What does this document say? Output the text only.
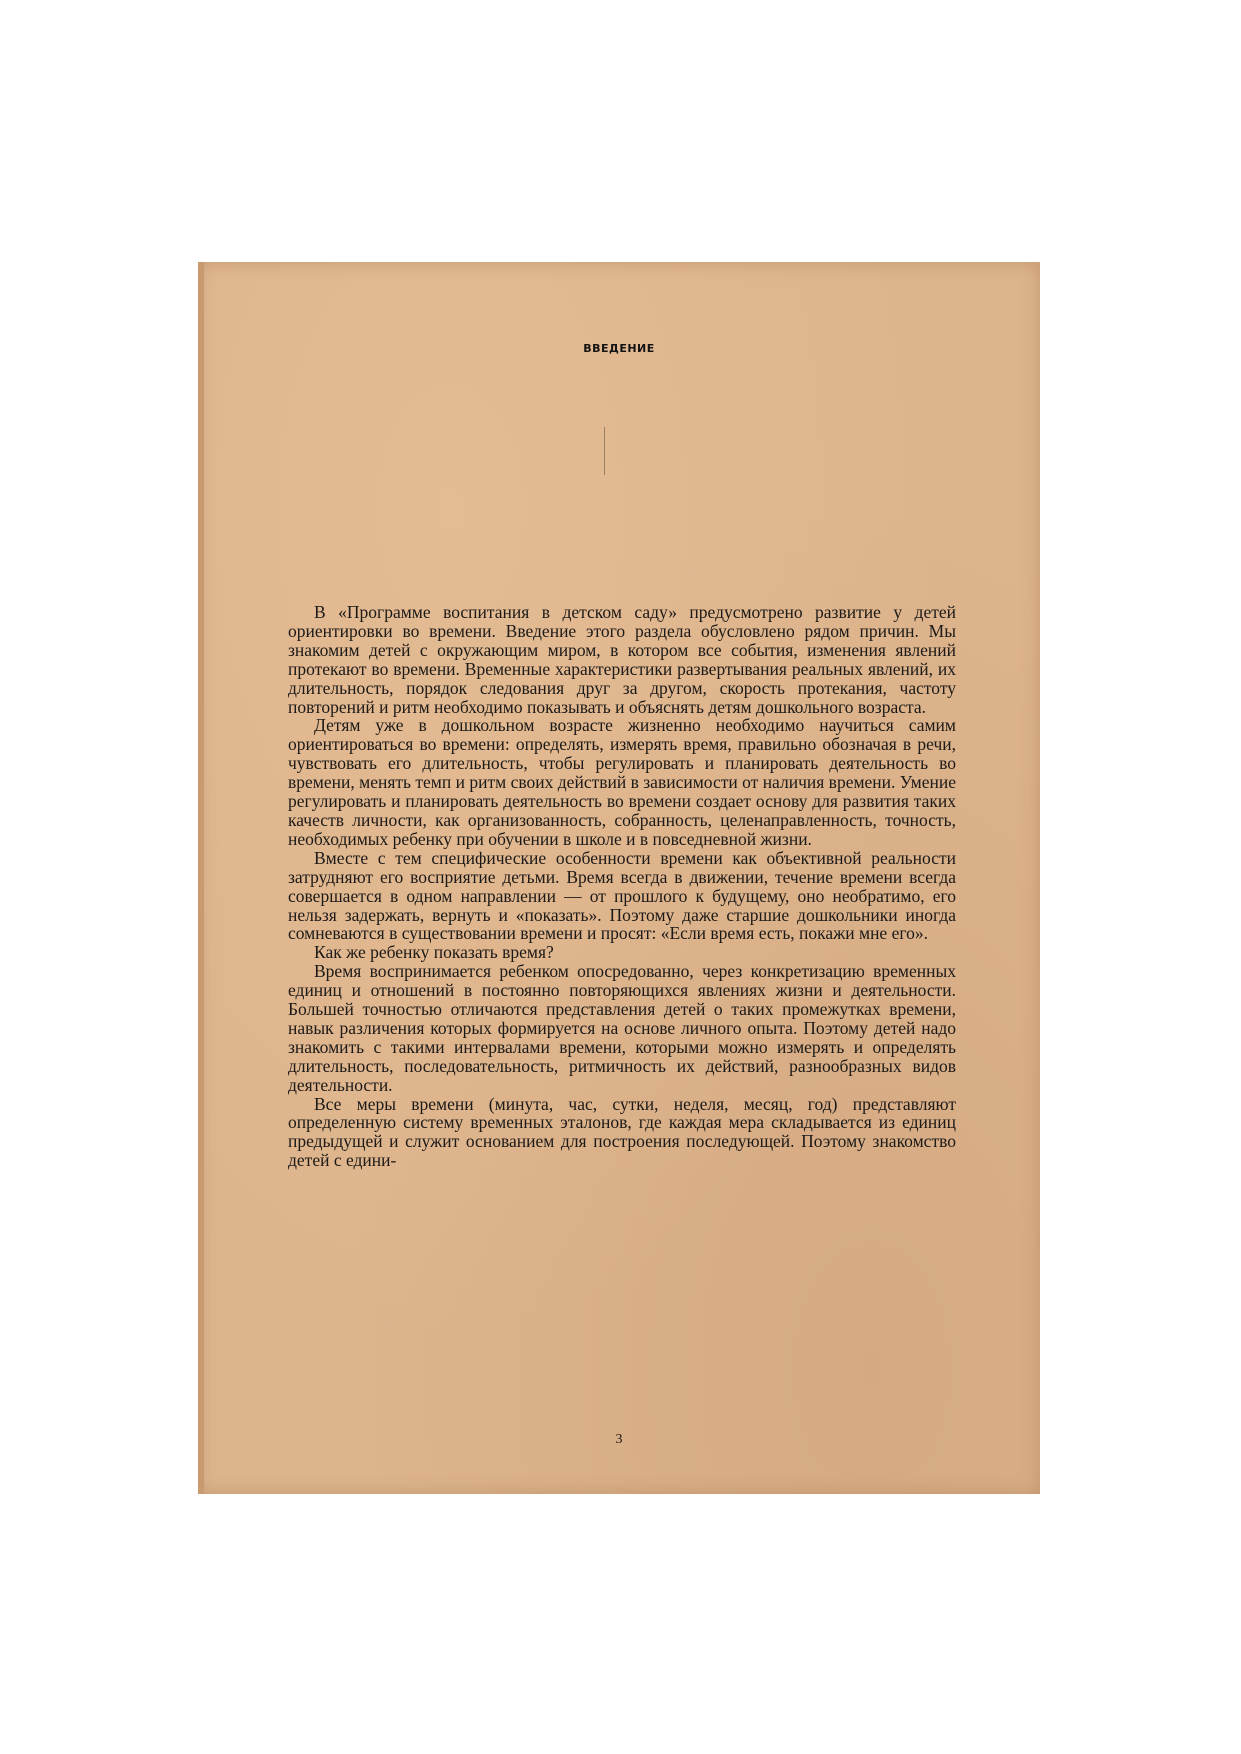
ВВЕДЕНИЕ

В «Программе воспитания в детском саду» предусмотрено развитие у детей ориентировки во времени. Введение этого раздела обусловлено рядом причин. Мы знакомим детей с окружающим миром, в котором все события, изменения явлений протекают во времени. Временные характеристики развертывания реальных явлений, их длительность, порядок следования друг за другом, скорость протекания, частоту повторений и ритм необходимо показывать и объяснять детям дошкольного возраста.

Детям уже в дошкольном возрасте жизненно необходимо научиться самим ориентироваться во времени: определять, измерять время, правильно обозначая в речи, чувствовать его длительность, чтобы регулировать и планировать деятельность во времени, менять темп и ритм своих действий в зависимости от наличия времени. Умение регулировать и планировать деятельность во времени создает основу для развития таких качеств личности, как организованность, собранность, целенаправленность, точность, необходимых ребенку при обучении в школе и в повседневной жизни.

Вместе с тем специфические особенности времени как объективной реальности затрудняют его восприятие детьми. Время всегда в движении, течение времени всегда совершается в одном направлении — от прошлого к будущему, оно необратимо, его нельзя задержать, вернуть и «показать». Поэтому даже старшие дошкольники иногда сомневаются в существовании времени и просят: «Если время есть, покажи мне его».

Как же ребенку показать время?

Время воспринимается ребенком опосредованно, через конкретизацию временных единиц и отношений в постоянно повторяющихся явлениях жизни и деятельности. Большей точностью отличаются представления детей о таких промежутках времени, навык различения которых формируется на основе личного опыта. Поэтому детей надо знакомить с такими интервалами времени, которыми можно измерять и определять длительность, последовательность, ритмичность их действий, разнообразных видов деятельности.

Все меры времени (минута, час, сутки, неделя, месяц, год) представляют определенную систему временных эталонов, где каждая мера складывается из единиц предыдущей и служит основанием для построения последующей. Поэтому знакомство детей с едини-

3
